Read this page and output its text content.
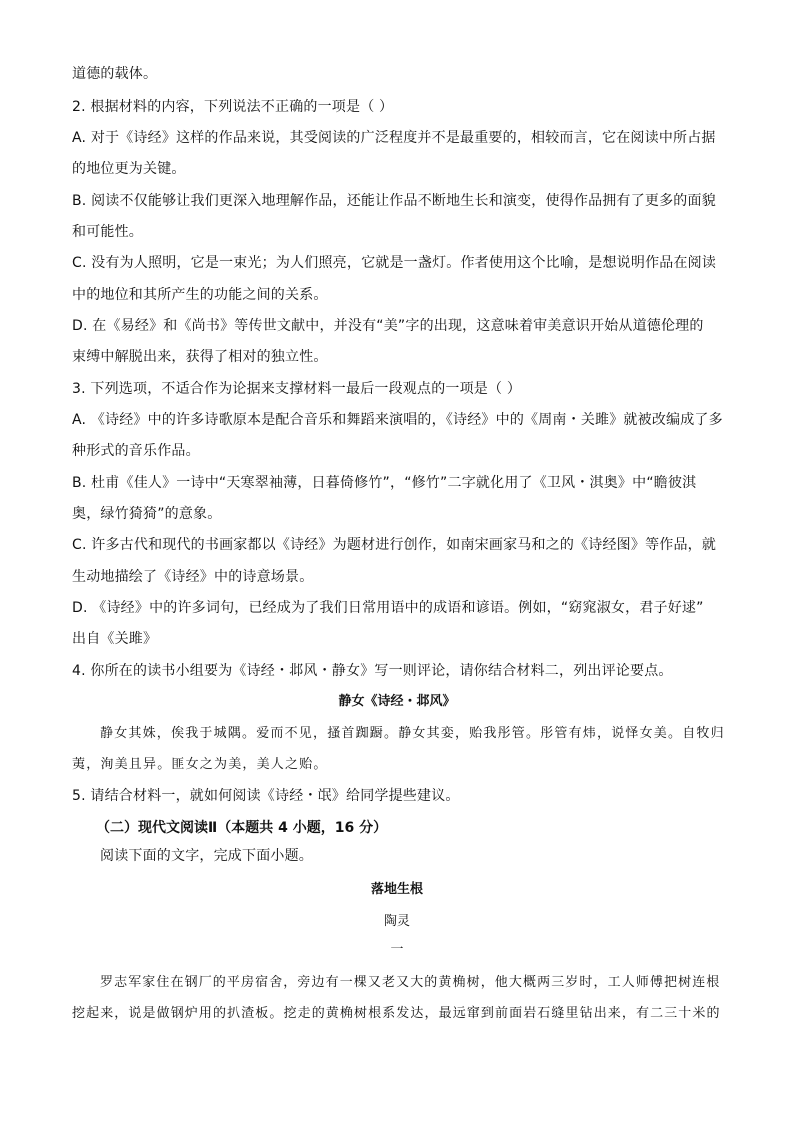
道德的载体。
2. 根据材料的内容，下列说法不正确的一项是（ ）
A. 对于《诗经》这样的作品来说，其受阅读的广泛程度并不是最重要的，相较而言，它在阅读中所占据
的地位更为关键。
B. 阅读不仅能够让我们更深入地理解作品，还能让作品不断地生长和演变，使得作品拥有了更多的面貌
和可能性。
C. 没有为人照明，它是一束光；为人们照亮，它就是一盏灯。作者使用这个比喻，是想说明作品在阅读
中的地位和其所产生的功能之间的关系。
D. 在《易经》和《尚书》等传世文献中，并没有“美”字的出现，这意味着审美意识开始从道德伦理的
束缚中解脱出来，获得了相对的独立性。
3. 下列选项，不适合作为论据来支撑材料一最后一段观点的一项是（ ）
A. 《诗经》中的许多诗歌原本是配合音乐和舞蹈来演唱的，《诗经》中的《周南・关雎》就被改编成了多
种形式的音乐作品。
B. 杜甫《佳人》一诗中“天寒翠袖薄，日暮倚修竹”，“修竹”二字就化用了《卫风・淇奥》中“瞻彼淇
奥，绿竹猗猗”的意象。
C. 许多古代和现代的书画家都以《诗经》为题材进行创作，如南宋画家马和之的《诗经图》等作品，就
生动地描绘了《诗经》中的诗意场景。
D. 《诗经》中的许多词句，已经成为了我们日常用语中的成语和谚语。例如，“窈窕淑女，君子好逑”
出自《关雎》
4. 你所在的读书小组要为《诗经・邶风・静女》写一则评论，请你结合材料二，列出评论要点。
静女《诗经・邶风》
静女其姝，俟我于城隅。爱而不见，搔首踟蹰。静女其娈，贻我彤管。彤管有炜，说怿女美。自牧归
荑，洵美且异。匪女之为美，美人之贻。
5. 请结合材料一，就如何阅读《诗经・氓》给同学提些建议。
（二）现代文阅读Ⅱ（本题共 4 小题，16 分）
阅读下面的文字，完成下面小题。
落地生根
陶灵
一
罗志军家住在钢厂的平房宿舍，旁边有一棵又老又大的黄桷树，他大概两三岁时，工人师傅把树连根
挖起来，说是做钢炉用的扒渣板。挖走的黄桷树根系发达，最远窜到前面岩石缝里钻出来，有二三十米的
